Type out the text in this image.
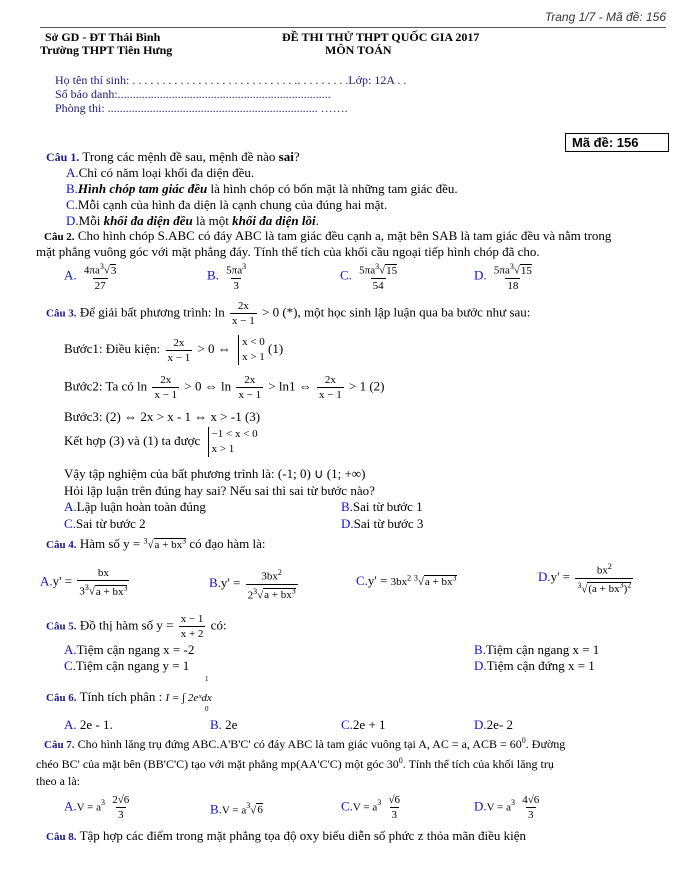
Trang 1/7 - Mã đề: 156
Sở GD - ĐT Thái Bình
Trường THPT Tiên Hưng
ĐỀ THI THỬ THPT QUỐC GIA 2017
MÔN TOÁN
Họ tên thí sinh: . . . . . . . . . . . . . . . . . . . . . . . . . . . .. . . . . . . . .Lớp: 12A . .
Số báo danh:.......................................................................
Phòng thi: ...................................................................... …….
Mã đề: 156
Câu 1. Trong các mệnh đề sau, mệnh đề nào sai?
A.Chỉ có năm loại khối đa diện đều.
B.Hình chóp tam giác đều là hình chóp có bốn mặt là những tam giác đều.
C.Mỗi cạnh của hình đa diện là cạnh chung của đúng hai mặt.
D.Mỗi khối đa diện đều là một khối đa diện lồi.
Câu 2. Cho hình chóp S.ABC có đáy ABC là tam giác đều cạnh a, mặt bên SAB là tam giác đều và nằm trong
mặt phẳng vuông góc với mặt phẳng đáy. Tính thể tích của khối cầu ngoại tiếp hình chóp đã cho.
A. $\frac{4\pi a^3√3}{27}$	B. $\frac{5\pi a^3}{3}$	C. $\frac{5\pi a^3√15}{54}$	D. $\frac{5\pi a^3√15}{18}$
Câu 3. Để giải bất phương trình: $\ln \frac{2x}{x - 1} > 0$ (*), một học sinh lập luận qua ba bước như sau:
Bước1: Điều kiện: $\frac{2x}{x - 1} > 0$ ⇔ x < 0
x > 1
(1)
Bước2: Ta có $\ln \frac{2x}{x - 1} > 0$ ⇔ $\ln \frac{2x}{x - 1} > \ln 1$ ⇔ $\frac{2x}{x - 1} > 1$ (2)
Bước3: (2) ⇔ 2x > x - 1 ⇔ x > -1 (3)
Kết hợp (3) và (1) ta được −1 < x < 0
x > 1
Vậy tập nghiệm của bất phương trình là: (-1; 0) ∪ (1; +∞)
Hỏi lập luận trên đúng hay sai? Nếu sai thì sai từ bước nào?
A.Lập luận hoàn toàn đúng	B.Sai từ bước 1
C.Sai từ bước 2	D.Sai từ bước 3
Câu 4. Hàm số $y = ^3√a + bx^3$ có đạo hàm là:
$A.y' = \frac{bx}{3^3√a + bx^3}$	$B.y' = \frac{3bx^2}{2^3√a + bx^3}$	$C.y' = 3bx^2$ $^3√a + bx^3$	$D.y' = \frac{bx^2}{^3√(a + bx^3)^2}$
Câu 5. Đồ thị hàm số $y = \frac{x - 1}{x + 2}$ có:
A.Tiệm cận ngang x = -2	B.Tiệm cận ngang x = 1
C.Tiệm cận ngang y = 1	D.Tiệm cận đứng x = 1
Câu 6. Tính tích phân : I = ∫ 2eˣdx
1
0
A. 2e - 1.	B. 2e	C.2e + 1	D.2e- 2
Câu 7. Cho hình lăng trụ đứng ABC.A'B'C' có đáy ABC là tam giác vuông tại A, AC = a, ACB = $60^0$. Đường
chéo BC' của mặt bên (BB'C'C) tạo với mặt phẳng mp(AA'C'C) một góc $30^0$. Tính thể tích của khối lăng trụ
theo a là:
$A.V = a^3 \frac{2√6}{3}$	$B.V = a^3√6$	$C.V = a^3 \frac{√6}{3}$	$D.V = a^3 \frac{4√6}{3}$
Câu 8. Tập hợp các điểm trong mặt phẳng tọa độ oxy biểu diễn số phức z thỏa mãn điều kiện
